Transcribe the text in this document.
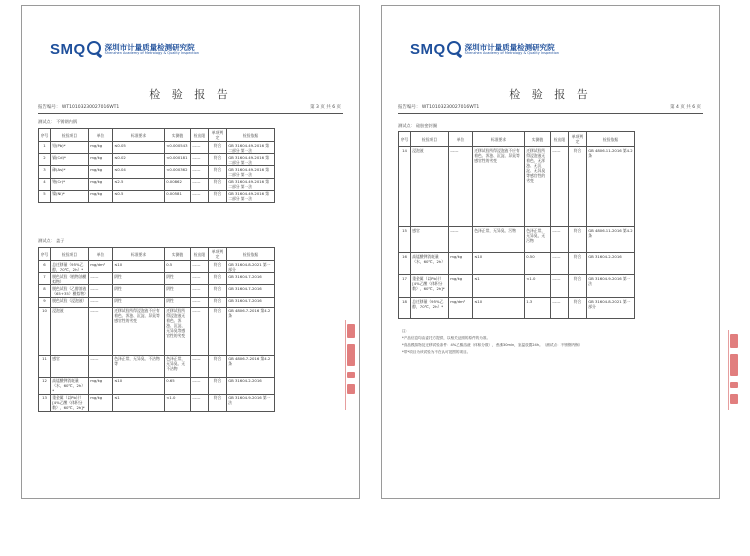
SMQ	深圳市计量质量检测研究院
Shenzhen Academy of Metrology & Quality Inspection
检 验 报 告
报告编号： WT10103230027016WT1	第 3 页 共 6 页
测试点： 不锈钢内锅
序号	检验项目	单位	标准要求	实测值	检出限	单项判定	检验依据
1	铅(Pb)*	mg/kg	≤0.05	<0.000543	------	符合	GB 31604.49-2016 第二部分 第一法
2	镉(Cd)*	mg/kg	≤0.02	<0.000181	------	符合	GB 31604.49-2016 第二部分 第一法
3	砷(As)*	mg/kg	≤0.04	<0.000362	------	符合	GB 31604.49-2016 第二部分 第一法
4	铬(Cr)*	mg/kg	≤2.5	0.00862	------	符合	GB 31604.49-2016 第二部分 第一法
5	镍(Ni)*	mg/kg	≤0.5	0.00581	------	符合	GB 31604.49-2016 第二部分 第一法
测试点： 盖子
序号	检验项目	单位	标准要求	实测值	检出限	单项判定	检验依据
6	总迁移量（95%乙醇，70℃，2h）*	mg/dm²	≤10	0.5	------	符合	GB 31604.8-2021 第一部分
7	脱色试验（植物油模拟物）	------	阴性	阴性	------	符合	GB 31604.7-2016
8	脱色试验（乙醇溶液（65+35）模拟物）	------	阴性	阴性	------	符合	GB 31604.7-2016
9	脱色试验（浸泡液）	------	阴性	阴性	------	符合	GB 31604.7-2016
10	浸泡液	------	迁移试验所得浸泡液不应有着色、浑浊、沉淀、异臭等感官性的劣变	迁移试验所得浸泡液无着色、浑浊、沉淀、无异臭等感官性的劣变	------	符合	GB 4806.7-2016 第4.2条
11	感官	------	色泽正常，无异臭、不洁物等	色泽正常，无异臭、无不洁物	------	符合	GB 4806.7-2016 第4.2条
12	高锰酸钾消耗量（水，60℃，2h）*	mg/kg	≤10	0.65	------	符合	GB 31604.2-2016
13	重金属（以Pb计）[4%乙酸（体积分数），60℃，2h]*	mg/kg	≤1	<1.0	------	符合	GB 31604.9-2016 第一法
SMQ	深圳市计量质量检测研究院
Shenzhen Academy of Metrology & Quality Inspection
检 验 报 告
报告编号： WT10103230027016WT1	第 4 页 共 6 页
测试点： 硅胶密封圈
序号	检验项目	单位	标准要求	实测值	检出限	单项判定	检验依据
14	浸泡液	------	迁移试验所得浸泡液不应有着色、浑浊、沉淀、异臭等感官性的劣变	迁移试验所得浸泡液无着色、无浑浊、无沉淀、无异臭等感官性的劣变	------	符合	GB 4806.11-2016 第4.2条
15	感官	------	色泽正常，无异臭、污物	色泽正常，无异臭，无污物	------	符合	GB 4806.11-2016 第4.2条
16	高锰酸钾消耗量（水，60℃，2h）	mg/kg	≤10	0.50	------	符合	GB 31604.2-2016
17	重金属（以Pb计）[4%乙酸（体积分数），60℃，2h]*	mg/kg	≤1	<1.0	------	符合	GB 31604.9-2016 第一法
18	总迁移量（95%乙醇，70℃，2h）*	mg/dm²	≤10	1.3	------	符合	GB 31604.8-2021 第一部分
注：
*产品信息均由委托方提供，以相关证照的原件的为准。
*食品模拟物及迁移试验条件：4%乙酸溶液（体积分数），煮沸30min，室温放置24h。（测试点：不锈钢内锅）
*带*项目为该试验为不在认可范围的项目。
